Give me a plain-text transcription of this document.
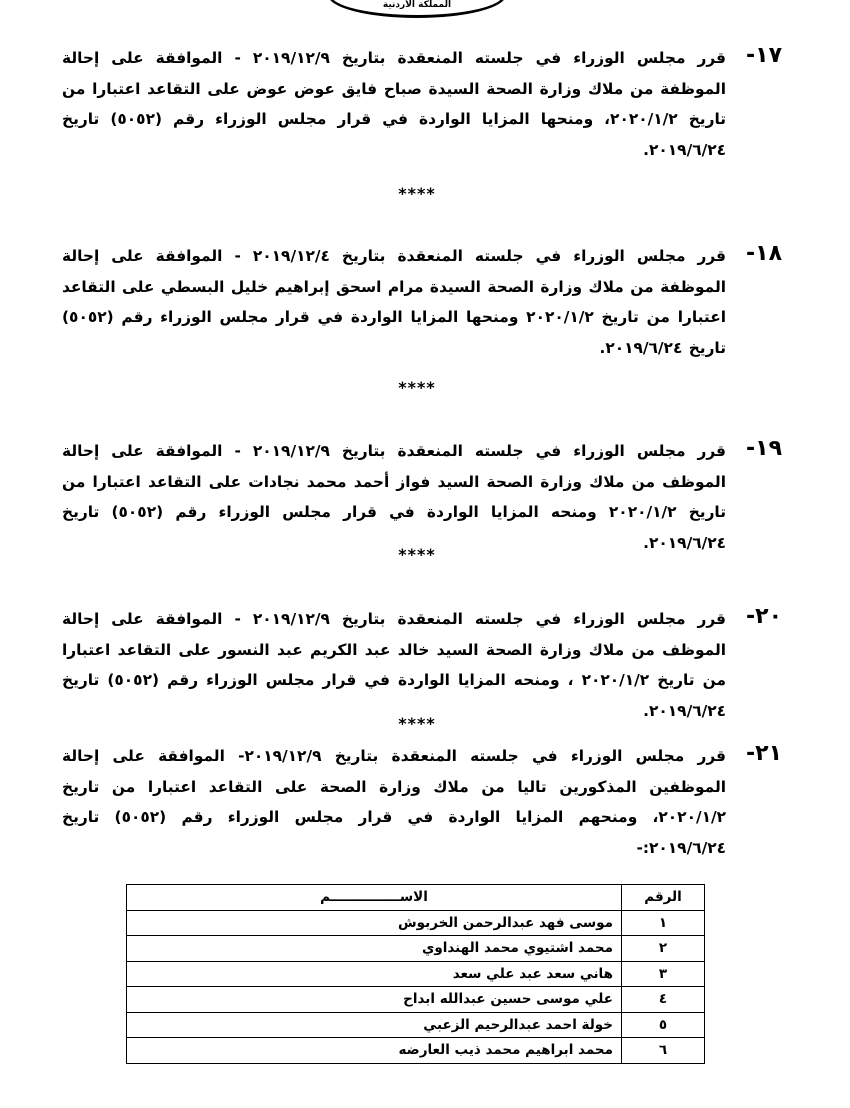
ﺍﻟﻤﻤﻠﻜﺔ ﺍﻷﺭﺩﻧﻴﺔ
١٧-
قرر مجلس الوزراء في جلسته المنعقدة بتاريخ ٢٠١٩/١٢/٩ - الموافقة على إحالة الموظفة من ملاك وزارة الصحة السيدة صباح فايق عوض عوض على التقاعد اعتبارا من تاريخ ٢٠٢٠/١/٢، ومنحها المزايا الواردة في قرار مجلس الوزراء رقم (٥٠٥٢) تاريخ ٢٠١٩/٦/٢٤.
****
١٨-
قرر مجلس الوزراء في جلسته المنعقدة بتاريخ ٢٠١٩/١٢/٤ - الموافقة على إحالة الموظفة من ملاك وزارة الصحة السيدة مرام اسحق إبراهيم خليل البسطي على التقاعد اعتبارا من تاريخ ٢٠٢٠/١/٢ ومنحها المزايا الواردة في قرار مجلس الوزراء رقم (٥٠٥٢) تاريخ ٢٠١٩/٦/٢٤.
****
١٩-
قرر مجلس الوزراء في جلسته المنعقدة بتاريخ ٢٠١٩/١٢/٩ - الموافقة على إحالة الموظف من ملاك وزارة الصحة السيد فواز أحمد محمد نجادات على التقاعد اعتبارا من تاريخ ٢٠٢٠/١/٢ ومنحه المزايا الواردة في قرار مجلس الوزراء رقم (٥٠٥٢) تاريخ ٢٠١٩/٦/٢٤.
****
٢٠-
قرر مجلس الوزراء في جلسته المنعقدة بتاريخ ٢٠١٩/١٢/٩ - الموافقة على إحالة الموظف من ملاك وزارة الصحة السيد خالد عبد الكريم عبد النسور على التقاعد اعتبارا من تاريخ ٢٠٢٠/١/٢ ، ومنحه المزايا الواردة في قرار مجلس الوزراء رقم (٥٠٥٢) تاريخ ٢٠١٩/٦/٢٤.
****
٢١-
قرر مجلس الوزراء في جلسته المنعقدة بتاريخ ٢٠١٩/١٢/٩- الموافقة على إحالة الموظفين المذكورين تاليا من ملاك وزارة الصحة على التقاعد اعتبارا من تاريخ ٢٠٢٠/١/٢، ومنحهم المزايا الواردة في قرار مجلس الوزراء رقم (٥٠٥٢) تاريخ ٢٠١٩/٦/٢٤:-
الرقم	الاســـــــــــــــم
١	موسى فهد عبدالرحمن الخربوش
٢	محمد اشتيوي محمد الهنداوي
٣	هاني سعد عبد علي سعد
٤	علي موسى حسين عبدالله ابداح
٥	خولة احمد عبدالرحيم الزعبي
٦	محمد ابراهيم محمد ذيب العارضه
